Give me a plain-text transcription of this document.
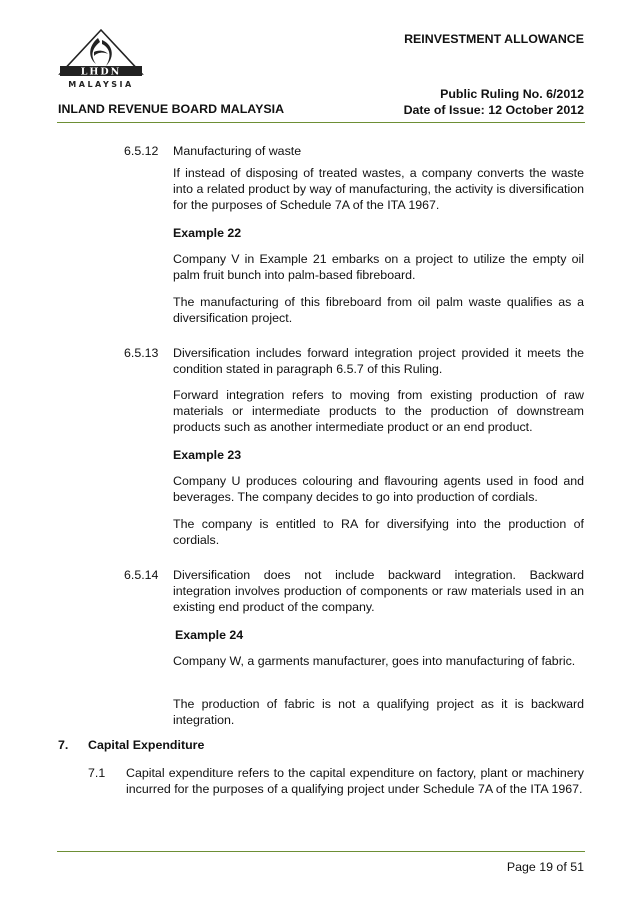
LHDN
MALAYSIA
REINVESTMENT ALLOWANCE
Public Ruling No. 6/2012
Date of Issue: 12 October 2012
INLAND REVENUE BOARD MALAYSIA
6.5.12 Manufacturing of waste
If instead of disposing of treated wastes, a company converts the waste into a related product by way of manufacturing, the activity is diversification for the purposes of Schedule 7A of the ITA 1967.
Example 22
Company V in Example 21 embarks on a project to utilize the empty oil palm fruit bunch into palm-based fibreboard.
The manufacturing of this fibreboard from oil palm waste qualifies as a diversification project.
6.5.13 Diversification includes forward integration project provided it meets the condition stated in paragraph 6.5.7 of this Ruling.
Forward integration refers to moving from existing production of raw materials or intermediate products to the production of downstream products such as another intermediate product or an end product.
Example 23
Company U produces colouring and flavouring agents used in food and beverages. The company decides to go into production of cordials.
The company is entitled to RA for diversifying into the production of cordials.
6.5.14 Diversification does not include backward integration. Backward integration involves production of components or raw materials used in an existing end product of the company.
Example 24
Company W, a garments manufacturer, goes into manufacturing of fabric.
The production of fabric is not a qualifying project as it is backward integration.
7. Capital Expenditure
7.1 Capital expenditure refers to the capital expenditure on factory, plant or machinery incurred for the purposes of a qualifying project under Schedule 7A of the ITA 1967.
Page 19 of 51
